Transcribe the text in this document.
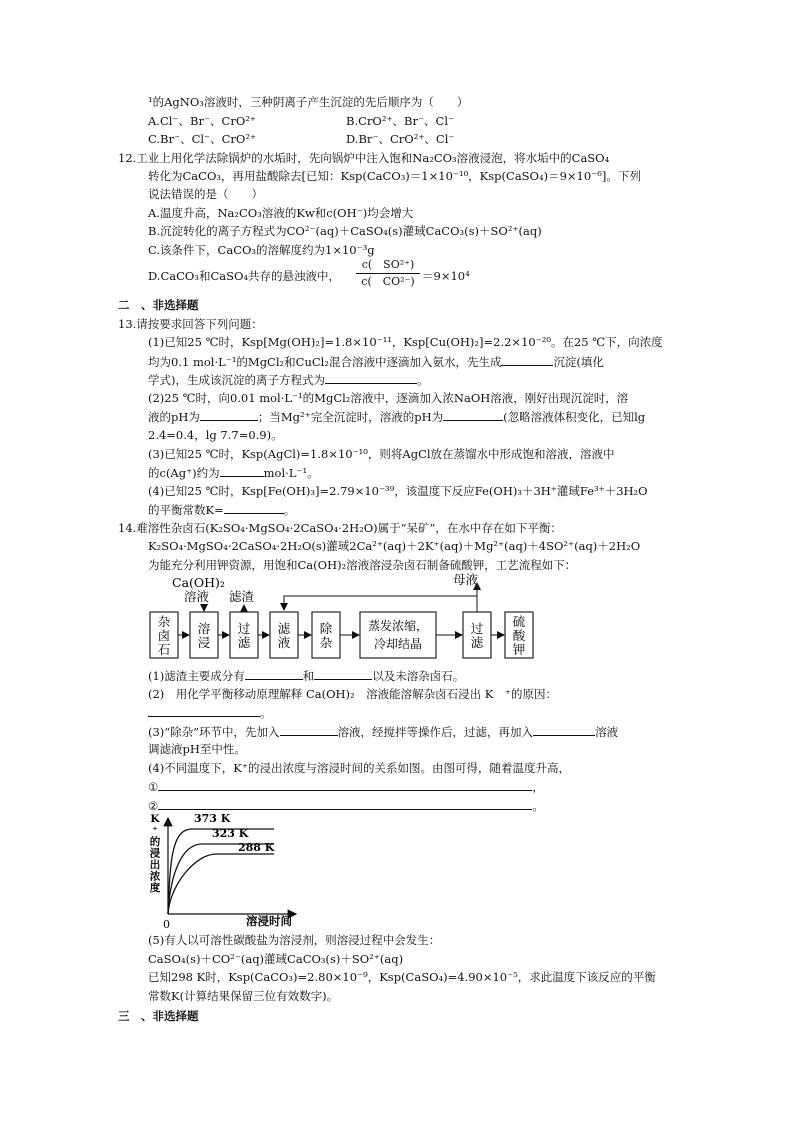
¹的AgNO₃溶液时，三种阴离子产生沉淀的先后顺序为（　　）
A.Cl⁻、Br⁻、CrO²⁺	B.CrO²⁺、Br⁻、Cl⁻
C.Br⁻、Cl⁻、CrO²⁺	D.Br⁻、CrO²⁺、Cl⁻
12.工业上用化学法除锅炉的水垢时，先向锅炉中注入饱和Na₂CO₃溶液浸泡，将水垢中的CaSO₄
转化为CaCO₃，再用盐酸除去[已知：Ksp(CaCO₃)＝1×10⁻¹⁰，Ksp(CaSO₄)＝9×10⁻⁶]。下列
说法错误的是（　　）
A.温度升高，Na₂CO₃溶液的Kw和c(OH⁻)均会增大
B.沉淀转化的离子方程式为CO²⁻(aq)＋CaSO₄(s)灌琙CaCO₃(s)＋SO²⁺(aq)
C.该条件下，CaCO₃的溶解度约为1×10⁻³g
D.CaCO₃和CaSO₄共存的悬浊液中，
c(　SO²⁺)
c(　CO²⁻) ＝9×10⁴
二　、非选择题
13.请按要求回答下列问题：
(1)已知25 ℃时，Ksp[Mg(OH)₂]=1.8×10⁻¹¹，Ksp[Cu(OH)₂]=2.2×10⁻²⁰。在25 ℃下，向浓度
均为0.1 mol·L⁻¹的MgCl₂和CuCl₂混合溶液中逐滴加入氨水，先生成	沉淀(填化
学式)，生成该沉淀的离子方程式为	。
(2)25 ℃时，向0.01 mol·L⁻¹的MgCl₂溶液中，逐滴加入浓NaOH溶液，刚好出现沉淀时，溶
液的pH为	；当Mg²⁺完全沉淀时，溶液的pH为	(忽略溶液体积变化，已知lg
2.4=0.4，lg 7.7=0.9)。
(3)已知25 ℃时，Ksp(AgCl)=1.8×10⁻¹⁰，则将AgCl放在蒸馏水中形成饱和溶液，溶液中
的c(Ag⁺)约为	mol·L⁻¹。
(4)已知25 ℃时，Ksp[Fe(OH)₃]=2.79×10⁻³⁹，该温度下反应Fe(OH)₃＋3H⁺灌琙Fe³⁺＋3H₂O
的平衡常数K=	。
14.难溶性杂卤石(K₂SO₄·MgSO₄·2CaSO₄·2H₂O)属于“呆矿”，在水中存在如下平衡：
K₂SO₄·MgSO₄·2CaSO₄·2H₂O(s)灌琙2Ca²⁺(aq)＋2K⁺(aq)＋Mg²⁺(aq)＋4SO²⁺(aq)＋2H₂O
为能充分利用钾资源，用饱和Ca(OH)₂溶液溶浸杂卤石制备硫酸钾，工艺流程如下：
杂
卤
石
溶
浸
过
滤
滤
液
除
杂
蒸发浓缩，
冷却结晶
过
滤
硫
酸
钾
Ca(OH)₂
溶液 滤渣
母液
(1)滤渣主要成分有	和	以及未溶杂卤石。
(2)　用化学平衡移动原理解释 Ca(OH)₂　溶液能溶解杂卤石浸出 K　⁺的原因：
。
(3)“除杂”环节中，先加入	溶液，经搅拌等操作后，过滤，再加入	溶液
调滤液pH至中性。
(4)不同温度下，K⁺的浸出浓度与溶浸时间的关系如图。由图可得，随着温度升高，
①	，
②	。
0
K
⁺
的
浸
出
浓
度
溶浸时间
373 K
323 K
288 K
(5)有人以可溶性碳酸盐为溶浸剂，则溶浸过程中会发生：
CaSO₄(s)＋CO²⁻(aq)灌琙CaCO₃(s)＋SO²⁺(aq)
已知298 K时，Ksp(CaCO₃)=2.80×10⁻⁹，Ksp(CaSO₄)=4.90×10⁻⁵，求此温度下该反应的平衡
常数K(计算结果保留三位有效数字)。
三　、非选择题
